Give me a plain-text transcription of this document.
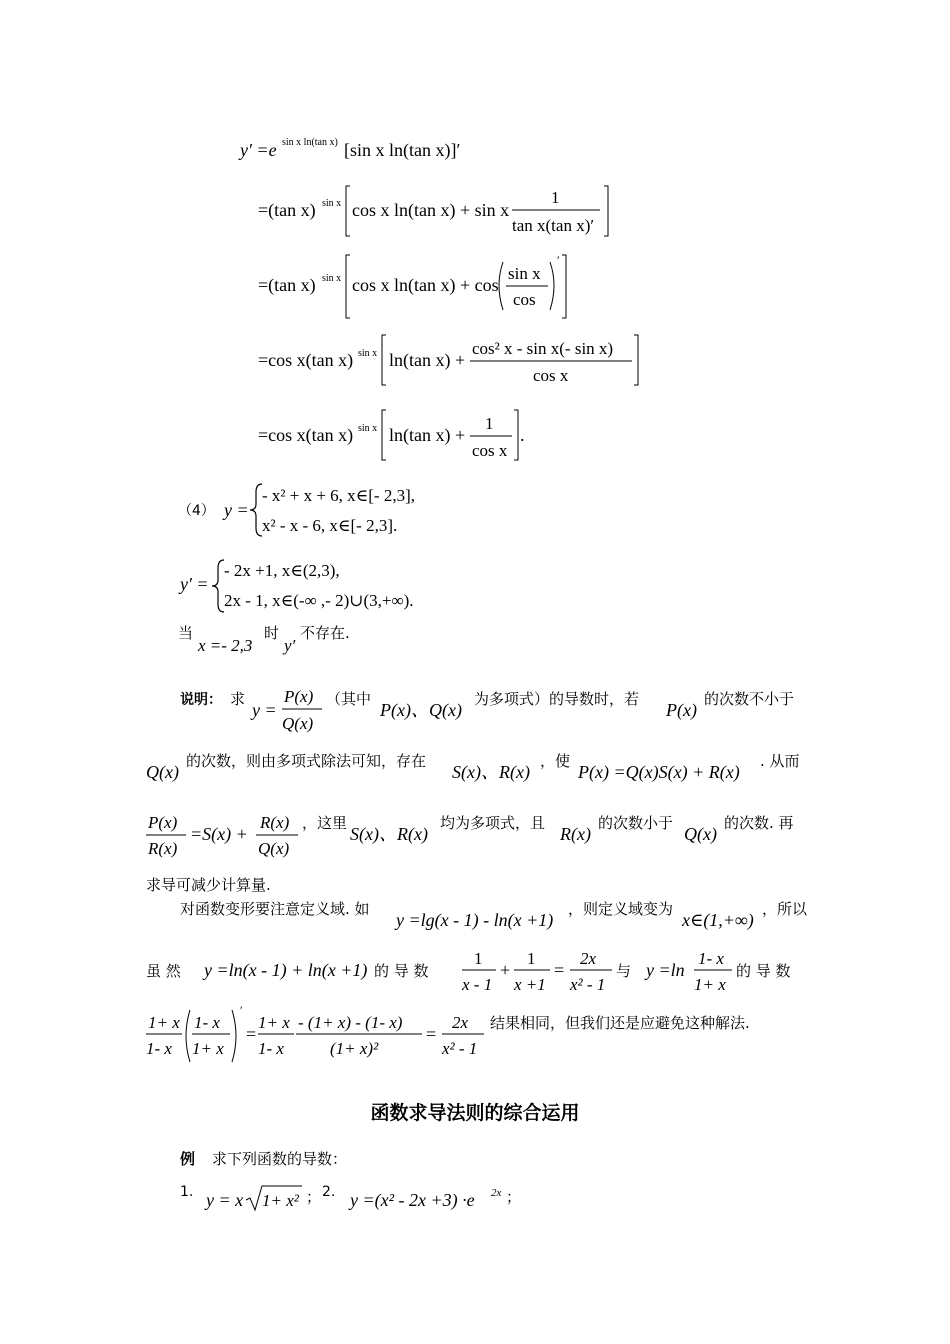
y′ =e sin x ln(tan x) [sin x ln(tan x)]′
=(tan x) sin x cos x ln(tan x) + sin x
1
tan x(tan x)′
=(tan x) sin x cos x ln(tan x) + cos
sin x
cos
′
=cos x(tan x) sin x ln(tan x) +
cos² x - sin x(- sin x)
cos x
=cos x(tan x) sin x ln(tan x) +
1
cos x
.
（4） y =
- x² + x + 6, x∈[- 2,3],
x² - x - 6, x∈[- 2,3].
y′ =
- 2x +1, x∈(2,3),
2x - 1, x∈(-∞ ,- 2)∪(3,+∞).
当
x =- 2,3
时
y′
不存在.
说明： 求
y =
P(x)
Q(x)
（其中
P(x)、Q(x)
为多项式）的导数时，若
P(x)
的次数不小于
Q(x)
的次数，则由多项式除法可知，存在
S(x)、R(x)
，使
P(x) =Q(x)S(x) + R(x)
. 从而
P(x)
R(x)
=S(x) +
R(x)
Q(x)
，这里
S(x)、R(x)
均为多项式，且
R(x)
的次数小于
Q(x)
的次数. 再
求导可减少计算量.
对函数变形要注意定义域. 如
y =lg(x - 1) - ln(x +1)
，则定义域变为
x∈(1,+∞)
，所以
虽 然 y =ln(x - 1) + ln(x +1) 的 导 数
1
x - 1
+
1
x +1
=
2x
x² - 1
与 y =ln
1- x
1+ x
的 导 数
1+ x
1- x
1- x
1+ x
′
=
1+ x
1- x
- (1+ x) - (1- x)
(1+ x)²
=
2x
x² - 1
结果相同，但我们还是应避免这种解法.
函数求导法则的综合运用
例 求下列函数的导数：
1. y = x 1+ x² ； 2. y =(x² - 2x +3) ·e 2x ；
